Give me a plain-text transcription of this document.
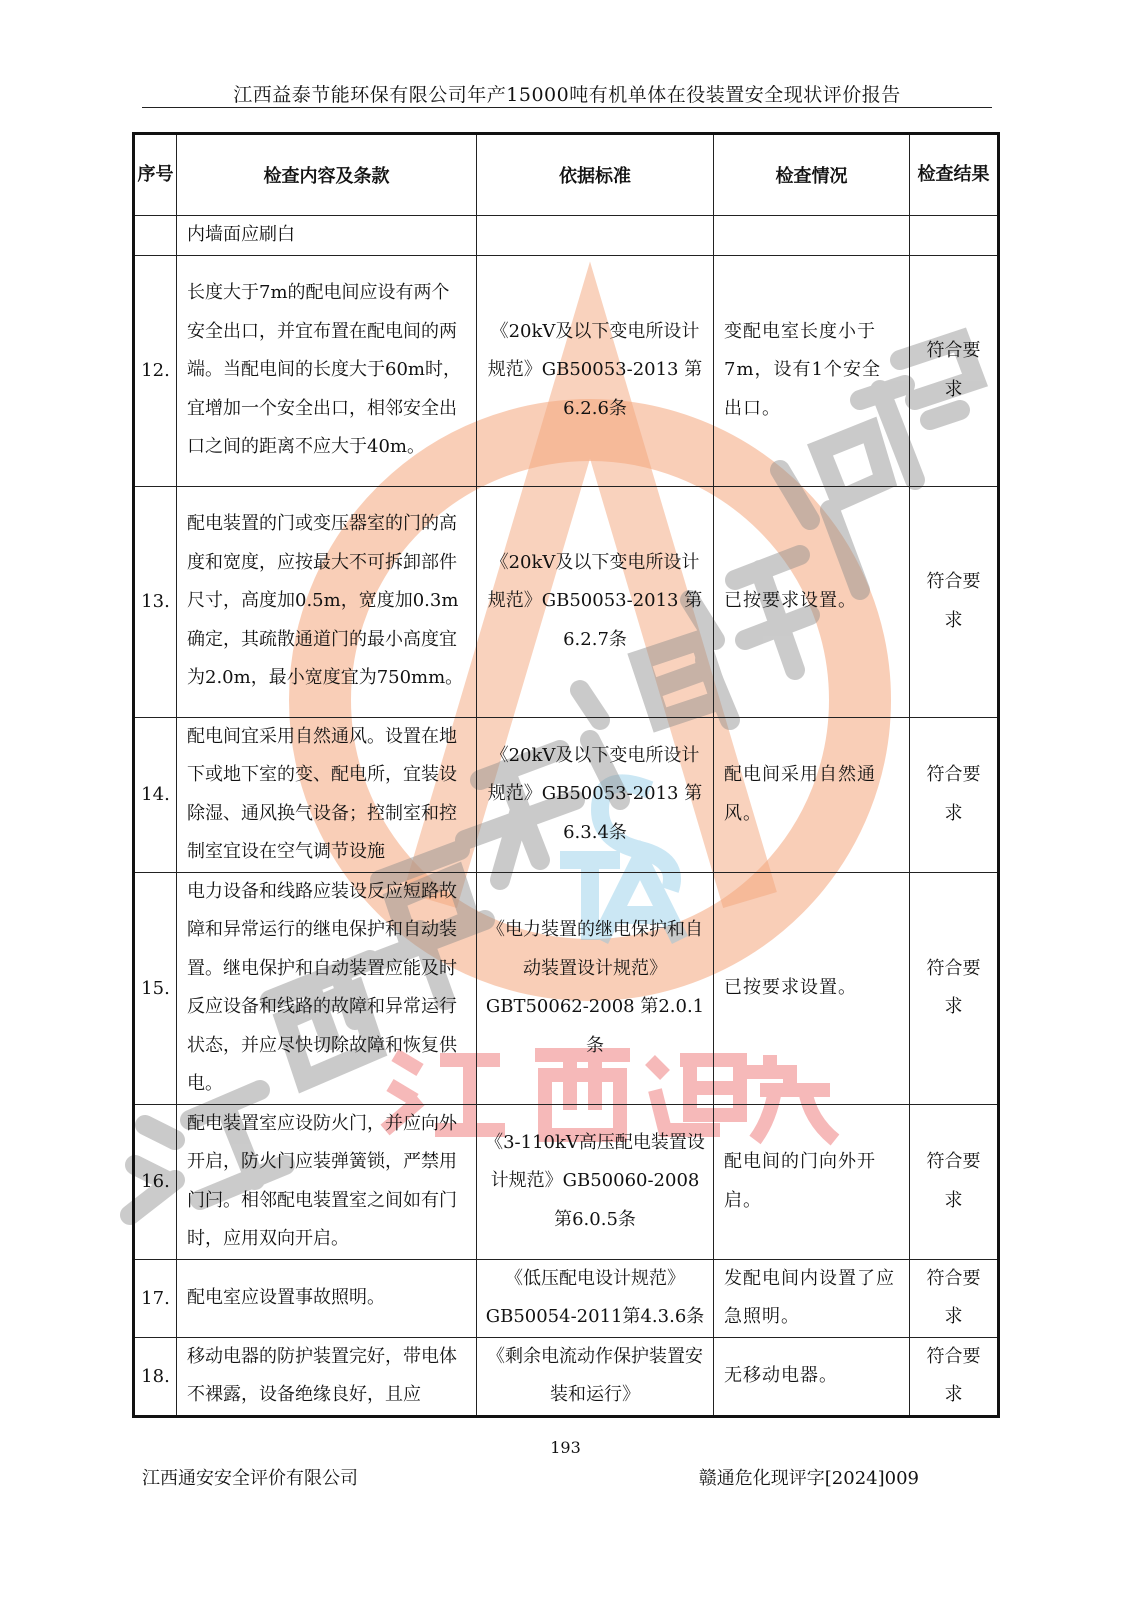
江西益泰节能环保有限公司年产15000吨有机单体在役装置安全现状评价报告
序号	检查内容及条款	依据标准	检查情况	检查结果
	内墙面应刷白			
12.	长度大于7m的配电间应设有两个安全出口，并宜布置在配电间的两端。当配电间的长度大于60m时，宜增加一个安全出口，相邻安全出口之间的距离不应大于40m。	《20kV及以下变电所设计规范》GB50053-2013 第6.2.6条	变配电室长度小于7m，设有1个安全出口。	符合要求
13.	配电装置的门或变压器室的门的高度和宽度，应按最大不可拆卸部件尺寸，高度加0.5m，宽度加0.3m确定，其疏散通道门的最小高度宜为2.0m，最小宽度宜为750mm。	《20kV及以下变电所设计规范》GB50053-2013 第6.2.7条	已按要求设置。	符合要求
14.	配电间宜采用自然通风。设置在地下或地下室的变、配电所，宜装设除湿、通风换气设备；控制室和控制室宜设在空气调节设施	《20kV及以下变电所设计规范》GB50053-2013 第6.3.4条	配电间采用自然通风。	符合要求
15.	电力设备和线路应装设反应短路故障和异常运行的继电保护和自动装置。继电保护和自动装置应能及时反应设备和线路的故障和异常运行状态，并应尽快切除故障和恢复供电。	《电力装置的继电保护和自动装置设计规范》GBT50062-2008 第2.0.1条	已按要求设置。	符合要求
16.	配电装置室应设防火门，并应向外开启，防火门应装弹簧锁，严禁用门闩。相邻配电装置室之间如有门时，应用双向开启。	《3-110kV高压配电装置设计规范》GB50060-2008 第6.0.5条	配电间的门向外开启。	符合要求
17.	配电室应设置事故照明。	《低压配电设计规范》GB50054-2011第4.3.6条	发配电间内设置了应急照明。	符合要求
18.	移动电器的防护装置完好，带电体不裸露，设备绝缘良好，且应	《剩余电流动作保护装置安装和运行》	无移动电器。	符合要求
193
江西通安安全评价有限公司	赣通危化现评字[2024]009
